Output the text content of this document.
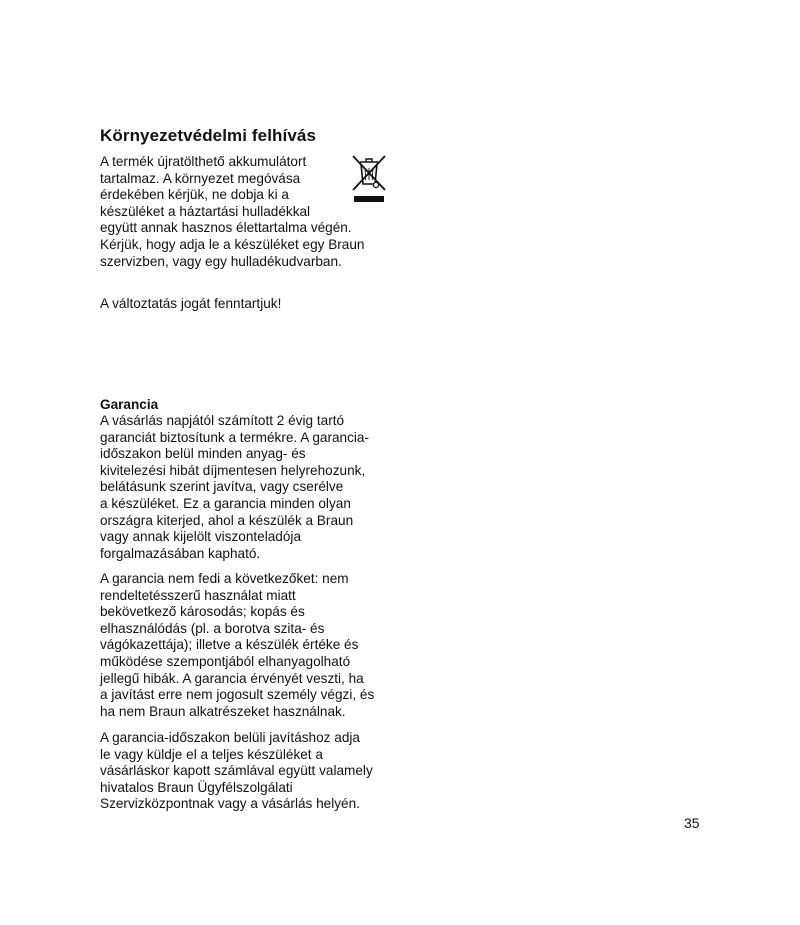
Környezetvédelmi felhívás

A termék újratölthető akkumulátort
tartalmaz. A környezet megóvása
érdekében kérjük, ne dobja ki a
készüléket a háztartási hulladékkal
együtt annak hasznos élettartalma végén.
Kérjük, hogy adja le a készüléket egy Braun
szervizben, vagy egy hulladékudvarban.

A változtatás jogát fenntartjuk!

Garancia

A vásárlás napjától számított 2 évig tartó
garanciát biztosítunk a termékre. A garancia-
időszakon belül minden anyag- és
kivitelezési hibát díjmentesen helyrehozunk,
belátásunk szerint javítva, vagy cserélve
a készüléket. Ez a garancia minden olyan
országra kiterjed, ahol a készülék a Braun
vagy annak kijelölt viszonteladója
forgalmazásában kapható.

A garancia nem fedi a következőket: nem
rendeltetésszerű használat miatt
bekövetkező károsodás; kopás és
elhasználódás (pl. a borotva szita- és
vágókazettája); illetve a készülék értéke és
működése szempontjából elhanyagolható
jellegű hibák. A garancia érvényét veszti, ha
a javítást erre nem jogosult személy végzi, és
ha nem Braun alkatrészeket használnak.

A garancia-időszakon belüli javításhoz adja
le vagy küldje el a teljes készüléket a
vásárláskor kapott számlával együtt valamely
hivatalos Braun Ügyfélszolgálati
Szervizközpontnak vagy a vásárlás helyén.

35
